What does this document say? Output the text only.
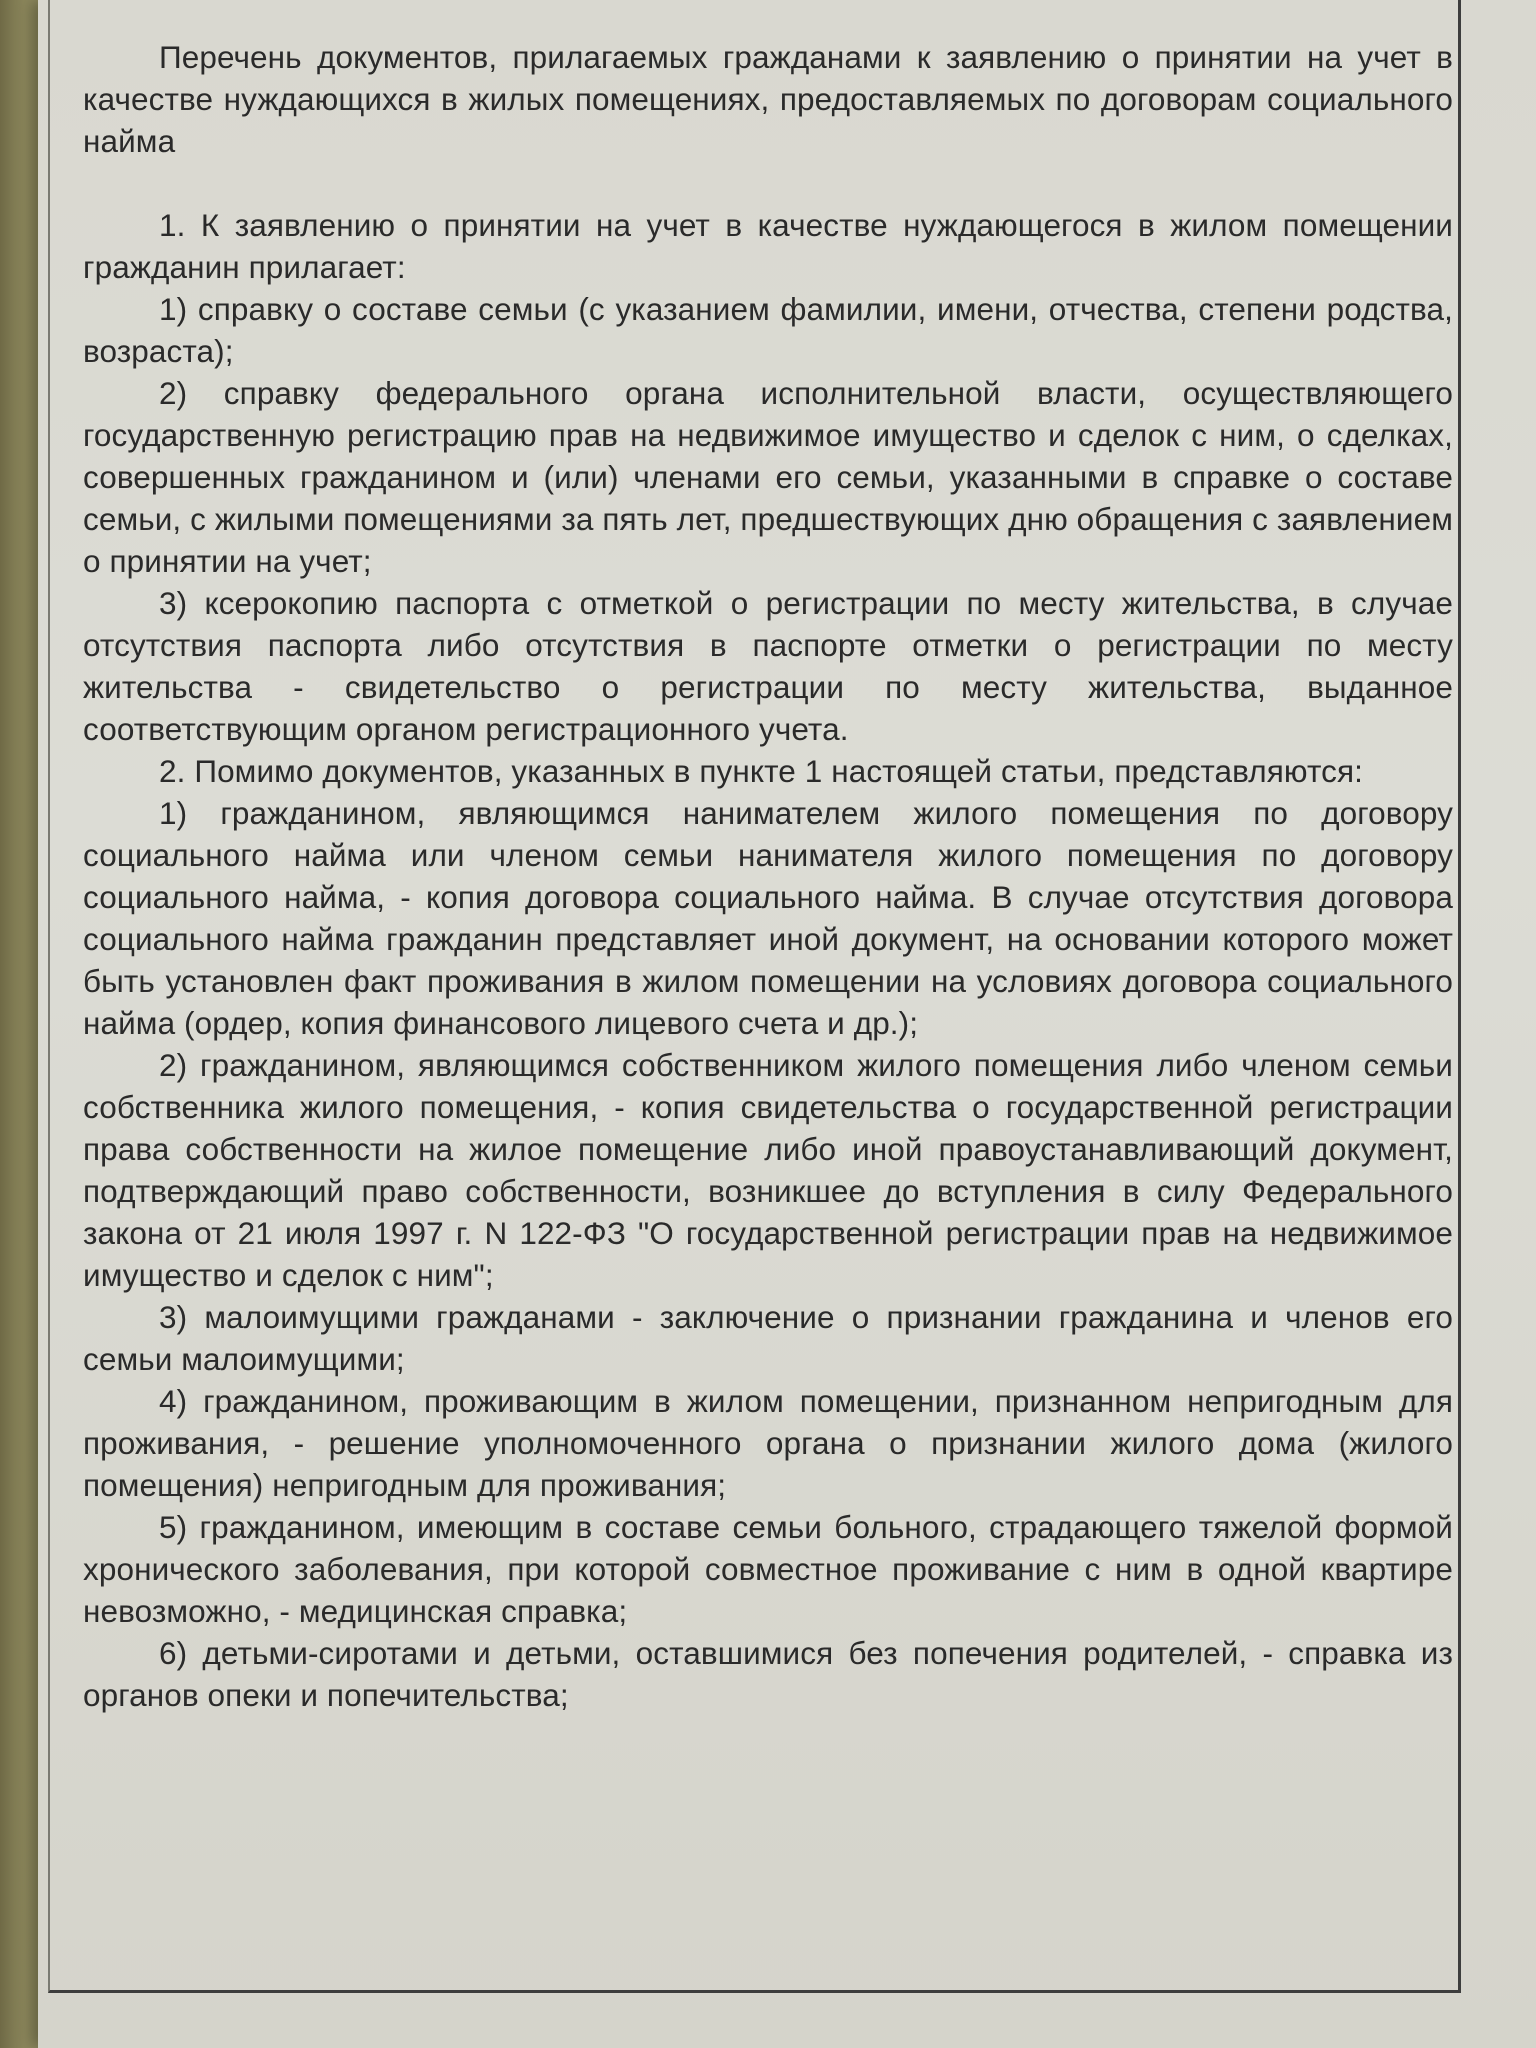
Перечень документов, прилагаемых гражданами к заявлению о принятии на учет в качестве нуждающихся в жилых помещениях, предоставляемых по договорам социального найма

1. К заявлению о принятии на учет в качестве нуждающегося в жилом помещении гражданин прилагает:

1) справку о составе семьи (с указанием фамилии, имени, отчества, степени родства, возраста);

2) справку федерального органа исполнительной власти, осуществляющего государственную регистрацию прав на недвижимое имущество и сделок с ним, о сделках, совершенных гражданином и (или) членами его семьи, указанными в справке о составе семьи, с жилыми помещениями за пять лет, предшествующих дню обращения с заявлением о принятии на учет;

3) ксерокопию паспорта с отметкой о регистрации по месту жительства, в случае отсутствия паспорта либо отсутствия в паспорте отметки о регистрации по месту жительства - свидетельство о регистрации по месту жительства, выданное соответствующим органом регистрационного учета.

2. Помимо документов, указанных в пункте 1 настоящей статьи, представляются:

1) гражданином, являющимся нанимателем жилого помещения по договору социального найма или членом семьи нанимателя жилого помещения по договору социального найма, - копия договора социального найма. В случае отсутствия договора социального найма гражданин представляет иной документ, на основании которого может быть установлен факт проживания в жилом помещении на условиях договора социального найма (ордер, копия финансового лицевого счета и др.);

2) гражданином, являющимся собственником жилого помещения либо членом семьи собственника жилого помещения, - копия свидетельства о государственной регистрации права собственности на жилое помещение либо иной правоустанавливающий документ, подтверждающий право собственности, возникшее до вступления в силу Федерального закона от 21 июля 1997 г. N 122-ФЗ "О государственной регистрации прав на недвижимое имущество и сделок с ним";

3) малоимущими гражданами - заключение о признании гражданина и членов его семьи малоимущими;

4) гражданином, проживающим в жилом помещении, признанном непригодным для проживания, - решение уполномоченного органа о признании жилого дома (жилого помещения) непригодным для проживания;

5) гражданином, имеющим в составе семьи больного, страдающего тяжелой формой хронического заболевания, при которой совместное проживание с ним в одной квартире невозможно, - медицинская справка;

6) детьми-сиротами и детьми, оставшимися без попечения родителей, - справка из органов опеки и попечительства;
